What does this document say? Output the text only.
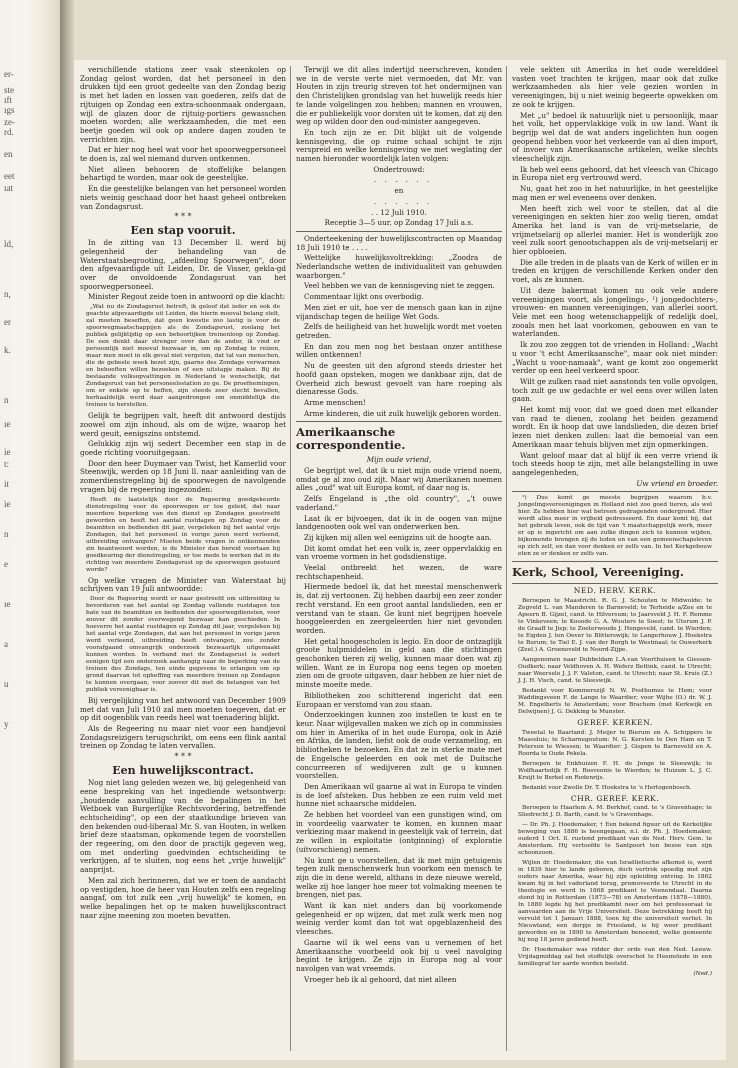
er-
ste
ıft
ıgs
ze-
rd.
en
eet
ıat
ld,
n,
er
k.
n
ıe
ie
t:
it
ie
n
e
ıe
a
u
y

verschillende stations zeer vaak steenkolen op Zondag gelost worden, dat het personeel in den drukken tijd een groot gedeelte van den Zondag bezig is met het laden en lossen van goederen, zelfs dat de rijtuigen op Zondag een extra-schoonmaak ondergaan, wijl de glazen door de rijtuig-portiers gewasschen moeten worden; alle werkzaamheden, die met een beetje goeden wil ook op andere dagen zouden te verrichten zijn.

Dat er hier nog heel wat voor het spoorwegpersoneel te doen is, zal wel niemand durven ontkennen.

Niet alleen behooren de stoffelijke belangen behartigd te worden, maar ook de geestelijke.

En die geestelijke belangen van het personeel worden niets weinig geschaad door het haast geheel ontbreken van Zondagsrust.

* * *
Een stap vooruit.

In de zitting van 13 December ll. werd bij gelegenheid der behandeling van de Waterstaatsbegrooting, „afdeeling Spoorwegen", door den afgevaardigde uit Leiden, Dr. de Visser, gekla-gd over de onvoldoende Zondagsrust van het spoorwegpersoneel.

Minister Regout zeide toen in antwoord op die klacht:

„Wat nu de Zondagsrust betreft, ik geloof dat ieder en ook de geachte afgevaardigde uit Leiden, die hierin mooval belang stelt, zal moeten beseffen, dat geen kwestie zoo lastig is voor de spoorwegmaatschappijen als de Zondagsrust, zoolang het publiek gelijktijdig op een behoorlijken treinenloop op Zondag. De een denkt daar strenger over dan de ander, ik vind er persoonlijk niet mooval bezwaar in, om op Zondag te reizen, maar men moet in elk geval niet vergeten, dat tal van menschen, die de gebeele week bezet zijn, gaarne des Zondags verwarmen en behoeften willen bezoeken of een uitstapje maken. Bij de bestaande volksopvattingen in Nederland is wenschelijk, dat Zondagsrust van het personeelsstation zo ge. De proefnemingen, om er enkele op te heffen, zijn steeds zeer slecht bevallen, herhaaldelijk werd daar aangedrongen om onmiddellijk die treinen te herstellen.

Gelijk te begrijpen valt, heeft dit antwoord destijds zoowel om zijn inhoud, als om de wijze, waarop het werd geuit, eenigszins ontstemd.

Gelukkig zijn wij sedert December een stap in de goede richting vooruitgegaan.

Door den heer Duymaer van Twist, het Kamerlid voor Steenwijk, werden op 18 Juni ll. naar aanleiding van de zomerdienstregeling bij de spoorwegen de navolgende vragen bij de regeering ingezonden:

Heeft de laatstelijk door de Regeering goedgekeurde dienstregeling voor de spoorwegen er toe geleid, dat naar meerdere beperking van den dienst op Zondagen geestreefd geworden en heeft het aantal rustdagen op Zondag voor de beambten en bedienden dit jaar, vergeleken bij het aantal vrije Zondagen, dat het personeel in vorige jaren werd verleend, uitbreiding ontvangen? Moeten beide vragen in ontkennenden zin beantwoord worden, is de Minister dan bereid voortaan bij goedkeuring der dienstregeling, er toe mede te werken dat in de richting van meerdere Zondagsrust op de spoorwegen gestuurd worde?

Op welke vragen de Minister van Waterstaat bij schrijven van 19 Juli antwoordde:

Door de Regeering wordt er naar gestreefd om uitbreiding te bevorderen van het aantal op Zondag vallende rustdagen ten bate van de beambten en bedienden der spoorwegdiensten, voor zoover dit zonder overwegend bezwaar kan geschieden. In hoeverre het aantal rustdagen op Zondag dit jaar, vergeleken bij het aantal vrije Zondagen, dat aan het personeel in vorige jaren werd verleend, uitbreiding heeft ontvangen, zou zonder voorafgaand omvangrijk onderzoek bezwaarlijk uitgemaakt kunnen worden. In verband met de Zondagsrust is sedert eenigen tijd een onderzoek aanhangig naar de beperking van de treinen des Zondags, ten einde gegevens te erlangen om op grond daarvan tot opheffing van meerdere treinen op Zondagen te kunnen overgaan, voor zoover dit met de belangen van het publiek vereenigbaar is.

Bij vergelijking van het antwoord van December 1909 met dat van Juli 1910 zal men moeten toegeven, dat er op dit oogenblik van reeds heel wat toenadering blijkt.

Als de Regeering nu maar niet voor een handjevol Zondagsreizigers terugschrikt, om eens een flink aantal treinen op Zondag te laten vervallen.

* * *
Een huwelijkscontract.

Nog niet lang geleden wezen we, bij gelegenheid van eene bespreking van het ingediende wetsontwerp: „houdende aanvulling van de bepalingen in het Wetboek van Burgerlijke Rechtsvordering, betreffende echtscheiding", op een der staatkundige brieven van den bekenden oud-liberaal Mr. S. van Houten, in welken brief deze staatsman, opkomende tegen de voorstellen der regeering, om den door de practijk gegeven weg, om met onderling goedvinden echtscheiding te verkrijgen, af te sluiten, nog eens het „vrije huwelijk" aanprijst.

Men zal zich herinneren, dat we er toen de aandacht op vestigden, hoe de heer van Houten zelfs een regeling aangaf, om tot zulk een „vrij huwelijk" te komen, en welke bepalingen het op te maken huwelijkscontract naar zijne meening zou moeten bevatten.

Terwijl we dit alles indertijd neerschreven, konden we in de verste verte niet vermoeden, dat Mr. van Houten in zijn treurig streven tot het ondermijnen van den Christelijken grondslag van het huwelijk reeds hier te lande volgelingen zou hebben; mannen en vrouwen, die er publiekelijk voor dorsten uit te komen, dat zij den weg op wilden door den oud-minister aangegeven.

En toch zijn ze er. Dit blijkt uit de volgende kennisgeving, die op ruime schaal schijnt te zijn verspreid en welke kennisgeving we met weglating der namen hieronder woordelijk laten volgen:

Ondertrouwd:

. . . . . .

en

. . . . . .

. . 12 Juli 1910.

Receptie 3—5 uur, op Zondag 17 Juli a.s.

Onderteekening der huwelijkscontracten op Maandag 18 Juli 1910 te . . . .

Wettelijke huwelijksvoltrekking: „Zoodra de Nederlandsche wetten de individualiteit van gehuwden waarborgen."

Veel hebben we van de kennisgeving niet te zeggen.

Commentaar lijkt ons overbodig.

Men ziet er uit, hoe ver de mensch gaan kan in zijne vijandschap tegen de heilige Wet Gods.

Zelfs de heiligheid van het huwelijk wordt met voeten getreden.

En dan zou men nog het bestaan onzer antithese willen ontkennen!

Nu de geesten uit den afgrond steeds driester het hoofd gaan opsteken, mogen we dankbaar zijn, dat de Overheid zich bewust gevoelt van hare roeping als dienaresse Gods.

Arme menschen!

Arme kinderen, die uit zulk huwelijk geboren worden.

Amerikaansche correspondentie.

Mijn oude vriend,

Ge begrijpt wel, dat ik u niet mijn oude vriend noem, omdat ge al zoo oud zijt. Maar wij Amerikanen noemen alles „oud" wat uit Europa komt, of daar nog is.

Zelfs Engeland is „the old country", „'t ouwe vaderland."

Laat ik er bijvoegen, dat ik in de oogen van mijne landgenooten ook wel van onderwerken ben.

Zij kijken mij allen wel eenigzins uit de hoogte aan.

Dit komt omdat het een volk is, zeer oppervlakkig en van vroeme vormen in het godsdienstige.

Veelal ontbreekt het wezen, de ware rechtschapenheid.

Hiermede bedoel ik, dat het meestal menschenwerk is, dat zij vertoonen. Zij hebben daarbij een zeer zonder recht verstand. En een groot aantal landslieden, een er verstand van te staan. Ge kunt niet begrijpen hoevele hooggeleerden en zeergeleerden hier niet gevonden worden.

Het getal hoogescholen is legio. En door de ontzaglijk groote hulpmiddelen in geld aan die stichtingen geschonken tieren zij welig, kunnen maar doen wat zij willen. Want ze in Europa nog eens tegen op moeten zien om de groote uitgaven, daar hebben ze hier niet de minste moeite mede.

Bibliotheken zoo schitterend ingericht dat een Europaan er verstomd van zou staan.

Onderzoekingen kunnen zoo instellen te kust en te keur. Naar wijlgevallen maken we zich op in commissies om hier in Amerika of in het oude Europa, ook in Azië en Afrika, de landen, liefst ook de oude verzameling, en bibliotheken te bezoeken. En dat ze in sterke mate met de Engelsche geleerden en ook met de Duitsche concurreeren of wedijveren zult ge u kunnen voorstellen.

Den Amerikaan wil gaarne al wat in Europa te vinden is de loef afsteken. Dus hebben ze een ruim veld met hunne niet schaarsche middelen.

Ze hebben het voordeel van een gunstigen wind, om in voordeelig vaarwater te komen, en kunnen maar verkiezing maar makend in geestelijk vak of terrein, dat ze willen in exploitatie (ontginning) of exploratie (uitvorschieng) nemen.

Nu kunt ge u voorstellen, dat ik met mijn getuigenis tegen zulk menschenwerk hun voorkom een mensch te zijn die in dene wereld, althans in deze nieuwe wereld, welke zij hoe langer hoe meer tot volmaking meenen te brengen, niet pas.

Want ik kan niet anders dan bij voorkomende gelegenheid er op wijzen, dat met zulk werk men nog weinig verder komt dan tot wat opgeblazenheid des vleesches.

Gaarne wil ik wel eens van u vernemen of het Amerikaansche voorbeeld ook bij u veel navolging begint te krijgen. Ze zijn in Europa nog al voor navolgen van wat vreemds.

Vroeger heb ik al gehoord, dat niet alleen

vele sekten uit Amerika in het oude werelddeel vasten voet trachten te krijgen, maar ook dat zulke werkzaamheden als hier vele gezien worden in vereenigingen, bij u niet weinig begeerte opwekken om ze ook te krijgen.

Met „u" bedoel ik natuurlijk niet u persoonlijk, maar het volk, het oppervlakkige volk in uw land. Want ik begrijp wel dat de wat anders ingelichten hun oogen geopend hebben voor het verkeerde van al dien import, of invoer van Amerikaansche artikelen, welke slechts vleeschelijk zijn.

Ik heb wel eens gehoord, dat het vleesch van Chicago in Europa niet erg vertrouwd werd.

Nu, gaat het zoo in het natuurlijke, in het geestelijke mag men er wel eveneens over denken.

Men heeft zich wel voor te stellen, dat al die vereenigingen en sekten hier zoo welig tieren, omdat Amerika het land is van de vrij-metselarie, de vrijmetselarij op allerlei manier. Het is wonderlijk zoo veel zulk soort genootschappen als de vrij-metselarij er hier opbloeien.

Die alle treden in de plaats van de Kerk of willen er in treden en krijgen de verschillende Kerken onder den voet, als ze kunnen.

Uit deze bakermat komen nu ook vele andere vereenigingen voort, als jongelings-, ¹) jongedochters-, vrouwen- en mannen vereenigingen, van allerlei soort. Vele met een hoog wetenschappelijk of redelijk doel, zooals men het laat voorkomen, gebouwen en van te waterlanden.

Ik zou zoo zeggen tot de vrienden in Holland: „Wacht u voor 't echt Amerikaansche", maar ook niet minder: „Wacht u voor-namaak", want ge komt zoo ongemerkt verder op een heel verkeerd spoor.

Wilt ge zulken raad niet aanstonds ten volle opvolgen, toch zult ge uw gedachte er wel eens over willen laten gaan.

Het komt mij voor, dat we goed doen met elkander van raad te dienen, zoolang het beiden gezamend wordt. En ik hoop dat uwe landslieden, die dezen brief lezen niet denken zullen: laat die bemoeial van een Amerikaan maar tehuis blijven met zijn opmerkingen.

Want geloof maar dat al blijf ik een verre vriend ik toch steeds hoop te zijn, met alle belangstelling in uwe aangelegenheden,

Uw vriend en broeder.

¹) Dus komt ge meeste begrijpen waarom b.v. Jongelingsvereenigingen in Holland niet zoo goed tieren, als wel hier. Ze hebben hier wat betreen gedragenden ondergrond. Hier wordt alles meer in vrijheid gedresseerd. En daar komt bij, dat het gebruik leven, ook de tijd van 't maatschappelijk werk, meer er op is ingericht om aan zulke dingen zich te kunnen wijden, bijkomende brengen zij de leden en van een gemeenschapsleven op zich zelf, en dan voor denken er zelfs van. In het Kerkgebouw eten ze er denken er zelfs van.

Kerk, School, Vereeniging.
NED. HERV. KERK.

Beroepen te Maastricht. R. G. J. Schouten te Midwolde; te Zegveld L. van Manderen te Barneveld; te Terheide a/Zee en te Apeern B. Gijzel, cand. te Hilversum; te Jaarsveld J. H. F. Remme te Vinkeveen; te Kooode G. A. Wouters te Soest; te Uterum J. P. de Graaff te Jisp; te Zoeterwoude J. Hengeveld, cand. te Wierden; te Eigden J. ten Oever te Blitterswijk; te Langerhouw J. Hoekstra te Burum; te Tiel E. J. van der Borgh te Westmaal; te Ouwerkerk (Zeel.) A. Groeneveld te Noord-Zijpe.

Aangenomen naar Dubbeldam L.A.van Voorthuisen te Giessen-Oudkerk; naar Veldhoven A. H. Weferz Bettink, cand. te Utrecht; naar Weerselo J. J. F. Valeton, cand. te Utrecht; naar St. Kruis (Z.) J. J. H. Visch, cand. te Sleeswijk.

Bedankt voor Kommerszijl N. W. Posthumus te Hem; voor Waddingsveen F. de Lange te Waardier; voor Wijhe (O.) dr. W. J. M. Engelberts te Amsterdam; voor Brachem (met Kerkwijk en Delwijnen) J. G. Dekking te Munster.

GEREF. KERKEN.

Tweetal te Baarland: J. Meijer te Bierum en A. Schippers te Maassluis; te Scharnegoutum: N. G. Kersten te Den Ham en T. Peterson te Wiessen; te Waardier: J. Gispen te Barneveld en A. Roorda te Oude Pekela.

Beroepen te Enkhuizen F. H. de Jonge te Sleeuwijk; te Wolfhaartsdijk F. H. Bosveenis te Wierden; te Huizum L. J. C. Kruijt te Berkel en Rodenrijs.

Bedankt voor Zwolle Dr. T. Hoekstra te 's Hertogenbosch.

CHR. GEREF. KERK.

Beroepen te Haarlem A. M. Berkhof, cand. te 's Gravenhage; te Sliedrecht J. D. Barth, cand. te 's Gravenhage.

— Dr. Ph. J. Hoedemaker, † Een bekend figuur uit de Kerkelijke beweging van 1886 is heengegaan, n.l. dr. Ph. J. Hoedemaker, ouderd 1 Oct. ll. rustend predikant van de Ned. Herv. Gem. te Amsterdam. Hij vertoefde te Santpoort ten bezoe van zijn schoonzoon.

Wijlen dr. Hoedemaker, die van Israëlietische afkomst is, werd in 1839 hier te lande geboren, doch vertrok spoedig met zijn ouders naar Amerika, waar hij zijn opleiding ontving. In 1862 kwam hij in het vaderland terug, promoveerde te Utrecht in de theologie en werd in 1868 predikant te Veenendaal. Daarna stond hij in Rotterdam (1873—78) en Amsterdam (1878—1880). In 1880 legde hij het predikambt neer om het professoraat te aanvaarden aan de Vrije Universiteit. Deze betrekking heeft hij vervuld tot 1 Januari 1888, toen hij die universiteit verliet. In Nieuwland, een dorpje in Friesland, is hij weer predikant geworden en in 1890 te Amsterdam benoemd, welke gemeente hij nog 18 jaren gediend heeft.

Dr. Hoedemaker was ridder der orde van den Ned. Leeuw. Vrijdagmiddag zal het stoffelijk overschot te Heemstede in een familiegraf ter aarde worden besteld.

(Ned.)
